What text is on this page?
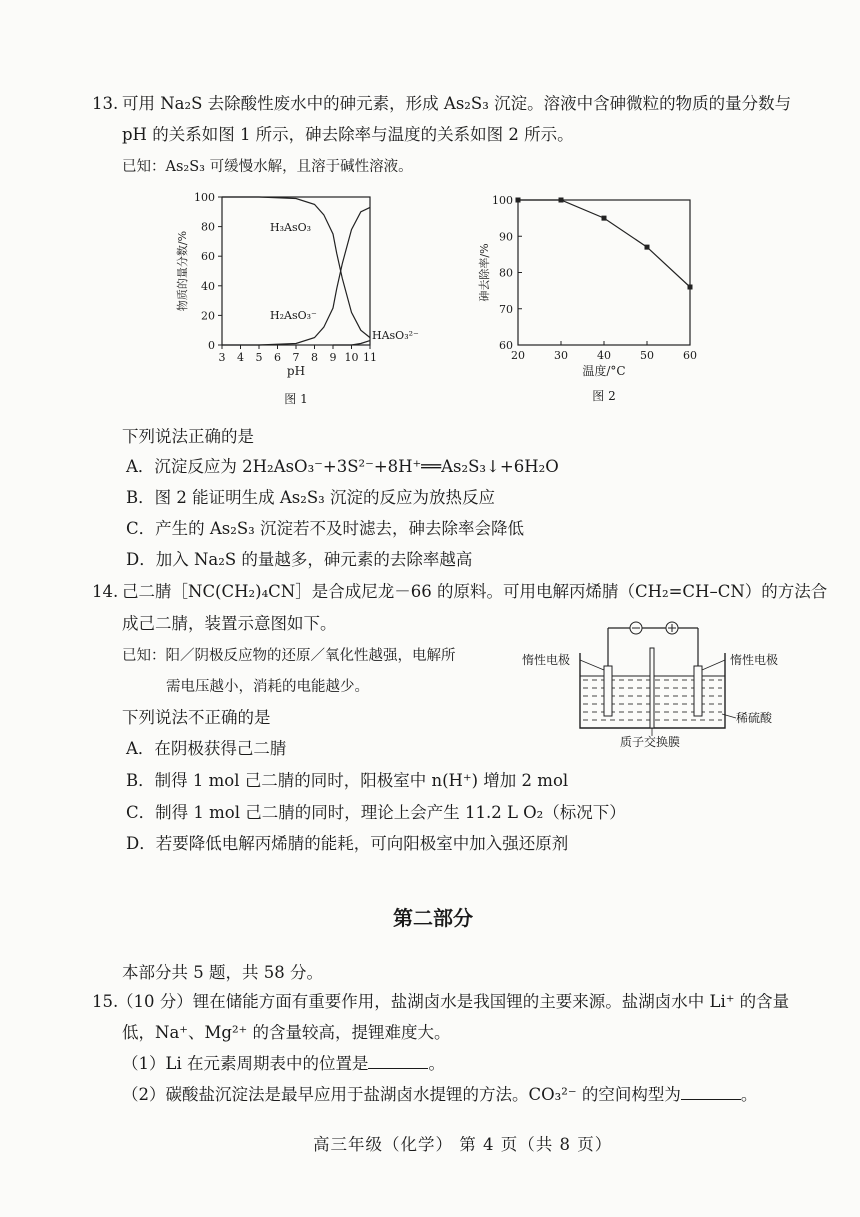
13. 可用 Na₂S 去除酸性废水中的砷元素，形成 As₂S₃ 沉淀。溶液中含砷微粒的物质的量分数与
pH 的关系如图 1 所示，砷去除率与温度的关系如图 2 所示。
已知：As₂S₃ 可缓慢水解，且溶于碱性溶液。
3 4 5 6 7 8 9 10 11
0
20
40
60
80
100
pH
物质的量分数/%
H₃AsO₃
H₂AsO₃⁻
HAsO₃²⁻
图 1
20	30	40	50	60
60
70
80
90
100
温度/°C
砷去除率/%
图 2
下列说法正确的是
A．沉淀反应为 2H₂AsO₃⁻+3S²⁻+8H⁺══As₂S₃↓+6H₂O
B．图 2 能证明生成 As₂S₃ 沉淀的反应为放热反应
C．产生的 As₂S₃ 沉淀若不及时滤去，砷去除率会降低
D．加入 Na₂S 的量越多，砷元素的去除率越高
14. 己二腈［NC(CH₂)₄CN］是合成尼龙－66 的原料。可用电解丙烯腈（CH₂=CH–CN）的方法合
成己二腈，装置示意图如下。
已知：阳／阴极反应物的还原／氧化性越强，电解所
需电压越小，消耗的电能越少。
下列说法不正确的是
A．在阴极获得己二腈
B．制得 1 mol 己二腈的同时，阳极室中 n(H⁺) 增加 2 mol
C．制得 1 mol 己二腈的同时，理论上会产生 11.2 L O₂（标况下）
D．若要降低电解丙烯腈的能耗，可向阳极室中加入强还原剂
惰性电极	惰性电极
稀硫酸
质子交换膜
第二部分
本部分共 5 题，共 58 分。
15.
（10 分）锂在储能方面有重要作用，盐湖卤水是我国锂的主要来源。盐湖卤水中 Li⁺ 的含量
低，Na⁺、Mg²⁺ 的含量较高，提锂难度大。
（1）Li 在元素周期表中的位置是	。
（2）碳酸盐沉淀法是最早应用于盐湖卤水提锂的方法。CO₃²⁻ 的空间构型为	。
高三年级（化学） 第 4 页（共 8 页）
